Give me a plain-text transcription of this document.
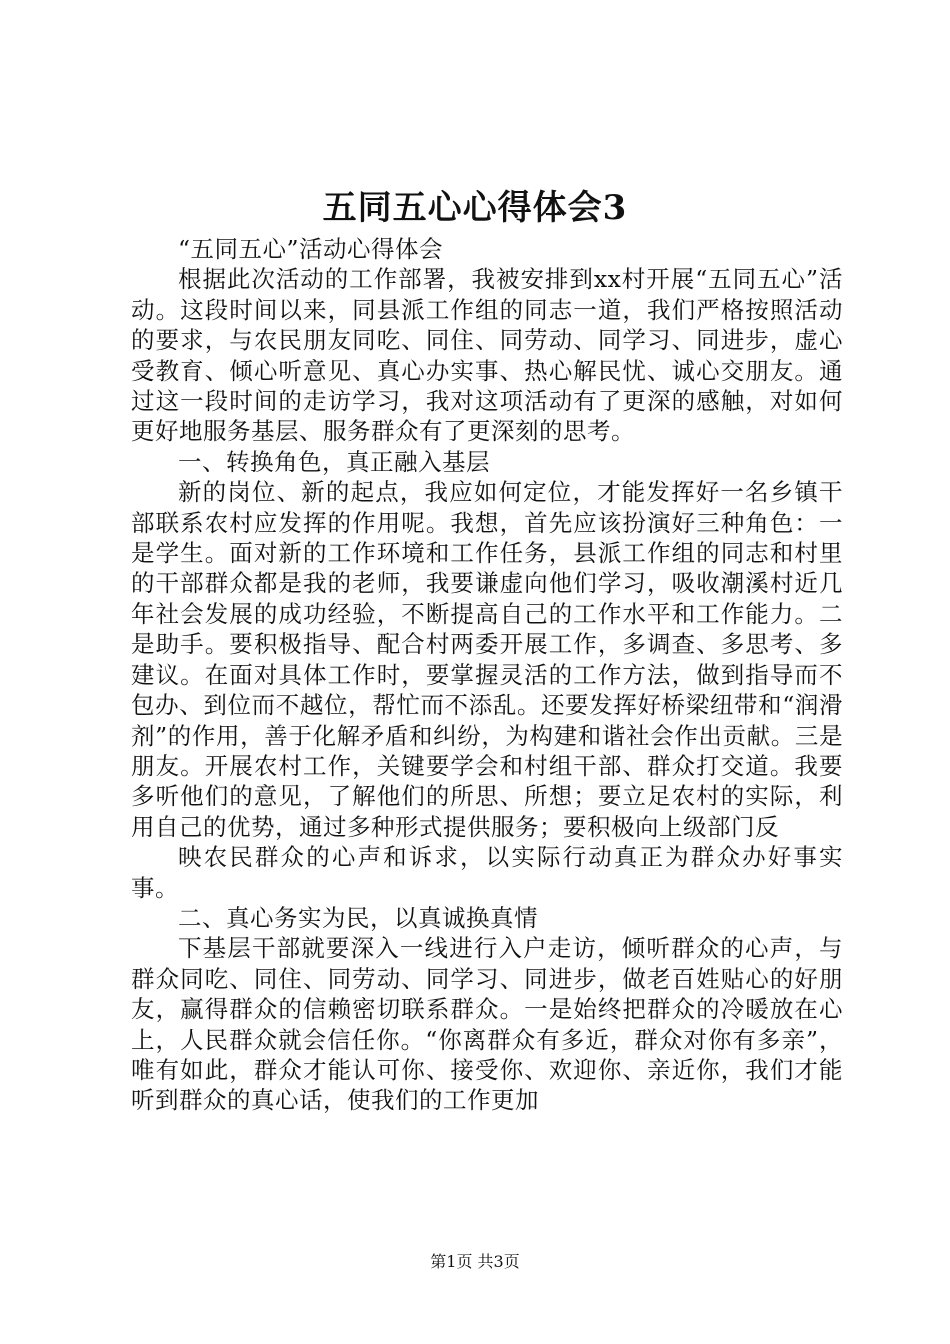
五同五心心得体会3

“五同五心”活动心得体会

根据此次活动的工作部署，我被安排到xx村开展“五同五心”活动。这段时间以来，同县派工作组的同志一道，我们严格按照活动的要求，与农民朋友同吃、同住、同劳动、同学习、同进步，虚心受教育、倾心听意见、真心办实事、热心解民忧、诚心交朋友。通过这一段时间的走访学习，我对这项活动有了更深的感触，对如何更好地服务基层、服务群众有了更深刻的思考。

一、转换角色，真正融入基层

新的岗位、新的起点，我应如何定位，才能发挥好一名乡镇干部联系农村应发挥的作用呢。我想，首先应该扮演好三种角色：一是学生。面对新的工作环境和工作任务，县派工作组的同志和村里的干部群众都是我的老师，我要谦虚向他们学习，吸收潮溪村近几年社会发展的成功经验，不断提高自己的工作水平和工作能力。二是助手。要积极指导、配合村两委开展工作，多调查、多思考、多建议。在面对具体工作时，要掌握灵活的工作方法，做到指导而不包办、到位而不越位，帮忙而不添乱。还要发挥好桥梁纽带和“润滑剂”的作用，善于化解矛盾和纠纷，为构建和谐社会作出贡献。三是朋友。开展农村工作，关键要学会和村组干部、群众打交道。我要多听他们的意见，了解他们的所思、所想；要立足农村的实际，利用自己的优势，通过多种形式提供服务；要积极向上级部门反

映农民群众的心声和诉求，以实际行动真正为群众办好事实事。

二、真心务实为民，以真诚换真情

下基层干部就要深入一线进行入户走访，倾听群众的心声，与群众同吃、同住、同劳动、同学习、同进步，做老百姓贴心的好朋友，赢得群众的信赖密切联系群众。一是始终把群众的冷暖放在心上，人民群众就会信任你。“你离群众有多近，群众对你有多亲”，唯有如此，群众才能认可你、接受你、欢迎你、亲近你，我们才能听到群众的真心话，使我们的工作更加

第1页 共3页
